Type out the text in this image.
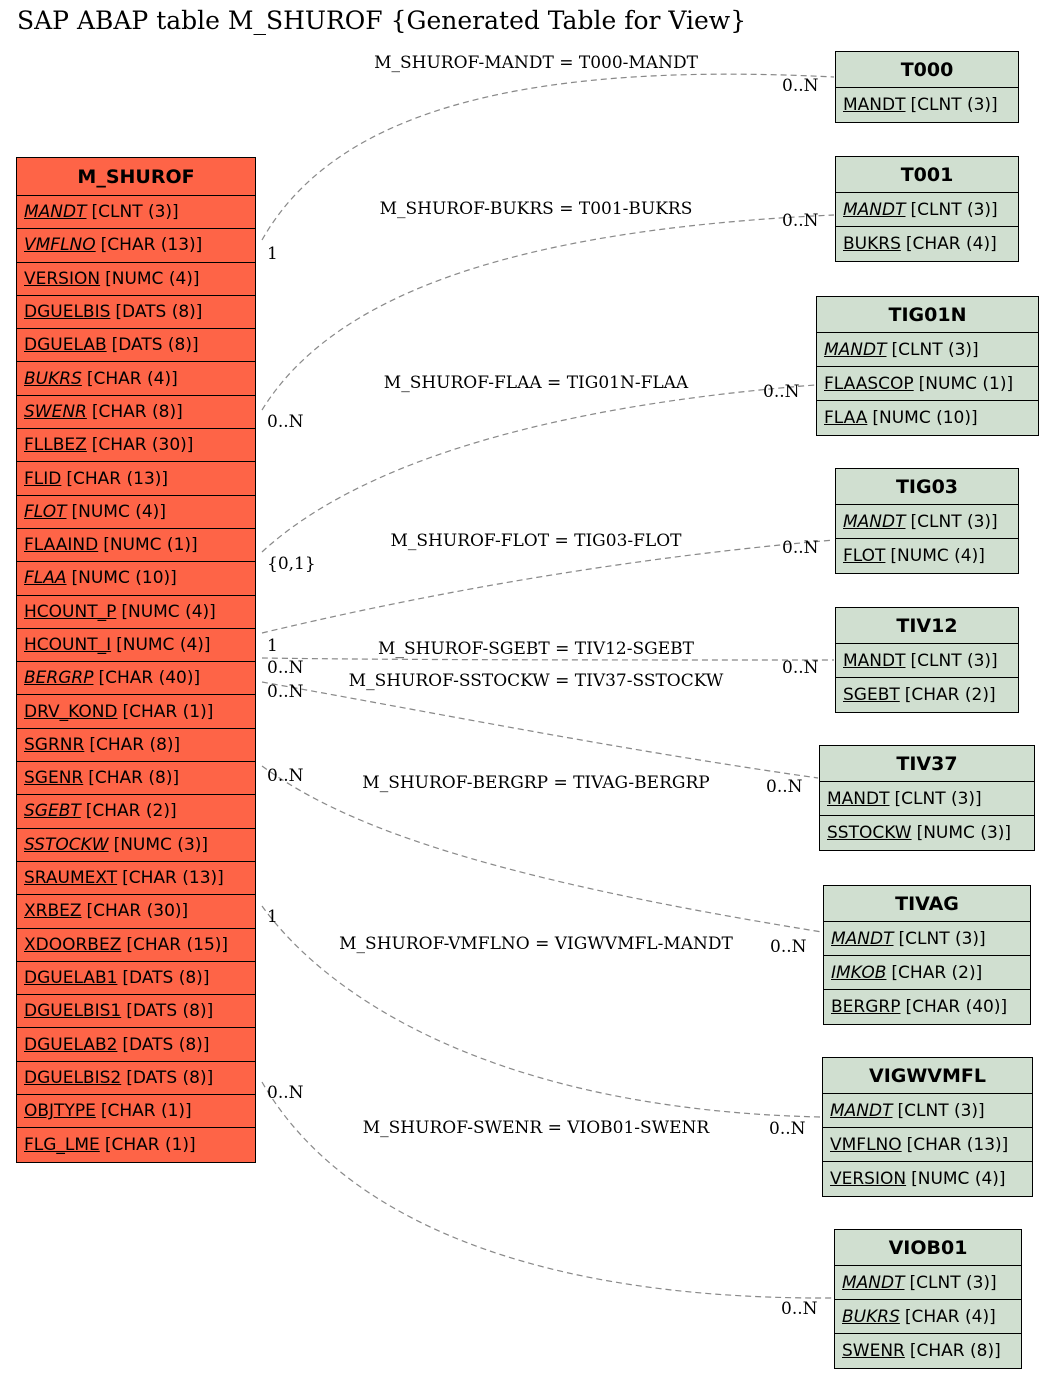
SAP ABAP table M_SHUROF {Generated Table for View}
M_SHUROF-MANDT = T000-MANDT
1
0..N
M_SHUROF-BUKRS = T001-BUKRS
0..N
0..N
M_SHUROF-FLAA = TIG01N-FLAA
{0,1}
0..N
M_SHUROF-FLOT = TIG03-FLOT
1
0..N
M_SHUROF-SGEBT = TIV12-SGEBT
0..N	0..N
M_SHUROF-SSTOCKW = TIV37-SSTOCKW
0..N
0..N
M_SHUROF-BERGRP = TIVAG-BERGRP
0..N
0..N
M_SHUROF-VMFLNO = VIGWVMFL-MANDT
1
0..N
M_SHUROF-SWENR = VIOB01-SWENR
0..N
0..N
M_SHUROF
MANDT [CLNT (3)]
VMFLNO [CHAR (13)]
VERSION [NUMC (4)]
DGUELBIS [DATS (8)]
DGUELAB [DATS (8)]
BUKRS [CHAR (4)]
SWENR [CHAR (8)]
FLLBEZ [CHAR (30)]
FLID [CHAR (13)]
FLOT [NUMC (4)]
FLAAIND [NUMC (1)]
FLAA [NUMC (10)]
HCOUNT_P [NUMC (4)]
HCOUNT_I [NUMC (4)]
BERGRP [CHAR (40)]
DRV_KOND [CHAR (1)]
SGRNR [CHAR (8)]
SGENR [CHAR (8)]
SGEBT [CHAR (2)]
SSTOCKW [NUMC (3)]
SRAUMEXT [CHAR (13)]
XRBEZ [CHAR (30)]
XDOORBEZ [CHAR (15)]
DGUELAB1 [DATS (8)]
DGUELBIS1 [DATS (8)]
DGUELAB2 [DATS (8)]
DGUELBIS2 [DATS (8)]
OBJTYPE [CHAR (1)]
FLG_LME [CHAR (1)]
T000
MANDT [CLNT (3)]
T001
MANDT [CLNT (3)]
BUKRS [CHAR (4)]
TIG01N
MANDT [CLNT (3)]
FLAASCOP [NUMC (1)]
FLAA [NUMC (10)]
TIG03
MANDT [CLNT (3)]
FLOT [NUMC (4)]
TIV12
MANDT [CLNT (3)]
SGEBT [CHAR (2)]
TIV37
MANDT [CLNT (3)]
SSTOCKW [NUMC (3)]
TIVAG
MANDT [CLNT (3)]
IMKOB [CHAR (2)]
BERGRP [CHAR (40)]
VIGWVMFL
MANDT [CLNT (3)]
VMFLNO [CHAR (13)]
VERSION [NUMC (4)]
VIOB01
MANDT [CLNT (3)]
BUKRS [CHAR (4)]
SWENR [CHAR (8)]
